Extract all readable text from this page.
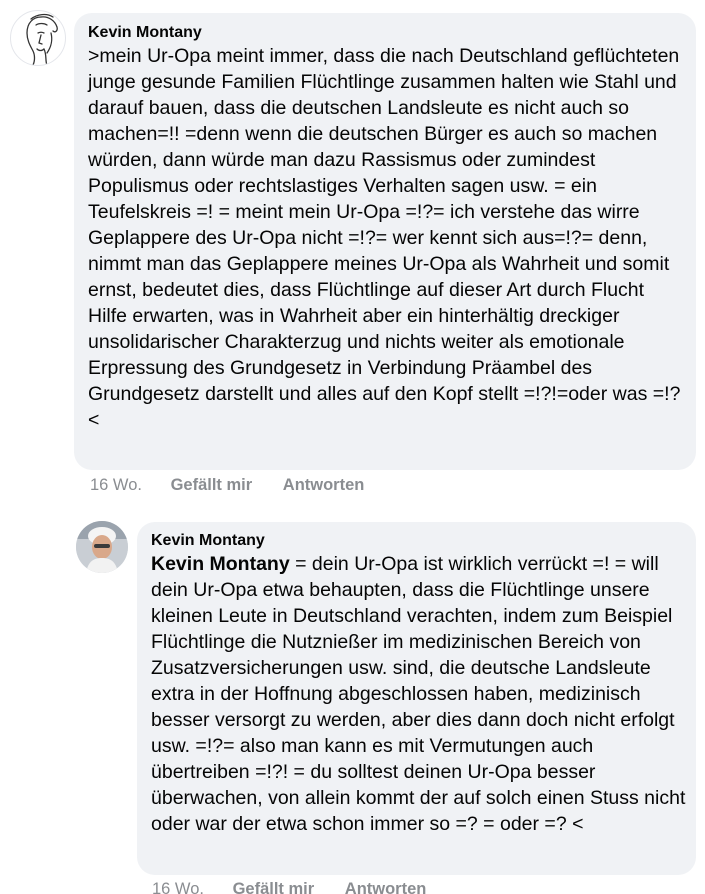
Kevin Montany
>mein Ur-Opa meint immer, dass die nach Deutschland geflüchteten junge gesunde Familien Flüchtlinge zusammen halten wie Stahl und darauf bauen, dass die deutschen Landsleute es nicht auch so machen=!! =denn wenn die deutschen Bürger es auch so machen würden, dann würde man dazu Rassismus oder zumindest Populismus oder rechtslastiges Verhalten sagen usw. = ein Teufelskreis =! = meint mein Ur-Opa =!?= ich verstehe das wirre Geplappere des Ur-Opa nicht =!?= wer kennt sich aus=!?= denn, nimmt man das Geplappere meines Ur-Opa als Wahrheit und somit ernst, bedeutet dies, dass Flüchtlinge auf dieser Art durch Flucht Hilfe erwarten, was in Wahrheit aber ein hinterhältig dreckiger unsolidarischer Charakterzug und nichts weiter als emotionale Erpressung des Grundgesetz in Verbindung Präambel des Grundgesetz darstellt und alles auf den Kopf stellt =!?!=oder was =!? <
16 Wo. Gefällt mir Antworten
Kevin Montany
Kevin Montany = dein Ur-Opa ist wirklich verrückt =! = will dein Ur-Opa etwa behaupten, dass die Flüchtlinge unsere kleinen Leute in Deutschland verachten, indem zum Beispiel Flüchtlinge die Nutznießer im medizinischen Bereich von Zusatzversicherungen usw. sind, die deutsche Landsleute extra in der Hoffnung abgeschlossen haben, medizinisch besser versorgt zu werden, aber dies dann doch nicht erfolgt usw. =!?= also man kann es mit Vermutungen auch übertreiben =!?! = du solltest deinen Ur-Opa besser überwachen, von allein kommt der auf solch einen Stuss nicht oder war der etwa schon immer so =? = oder =? <
16 Wo. Gefällt mir Antworten
